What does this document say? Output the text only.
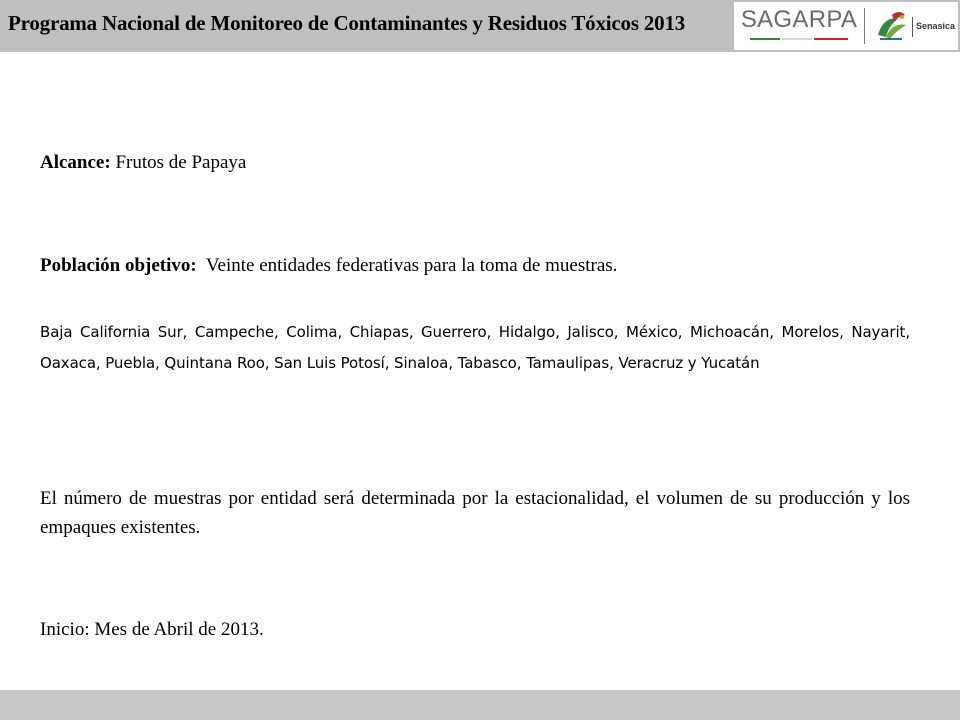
Programa Nacional de Monitoreo de Contaminantes y Residuos Tóxicos 2013	SAGARPA	Senasica

Alcance: Frutos de Papaya

Población objetivo:  Veinte entidades federativas para la toma de muestras.

Baja California Sur, Campeche, Colima, Chiapas, Guerrero, Hidalgo, Jalisco, México, Michoacán, Morelos, Nayarit, Oaxaca, Puebla, Quintana Roo, San Luis Potosí, Sinaloa, Tabasco, Tamaulipas, Veracruz y Yucatán

El número de muestras por entidad será determinada por la estacionalidad, el volumen de su producción y los empaques existentes.

Inicio: Mes de Abril de 2013.
